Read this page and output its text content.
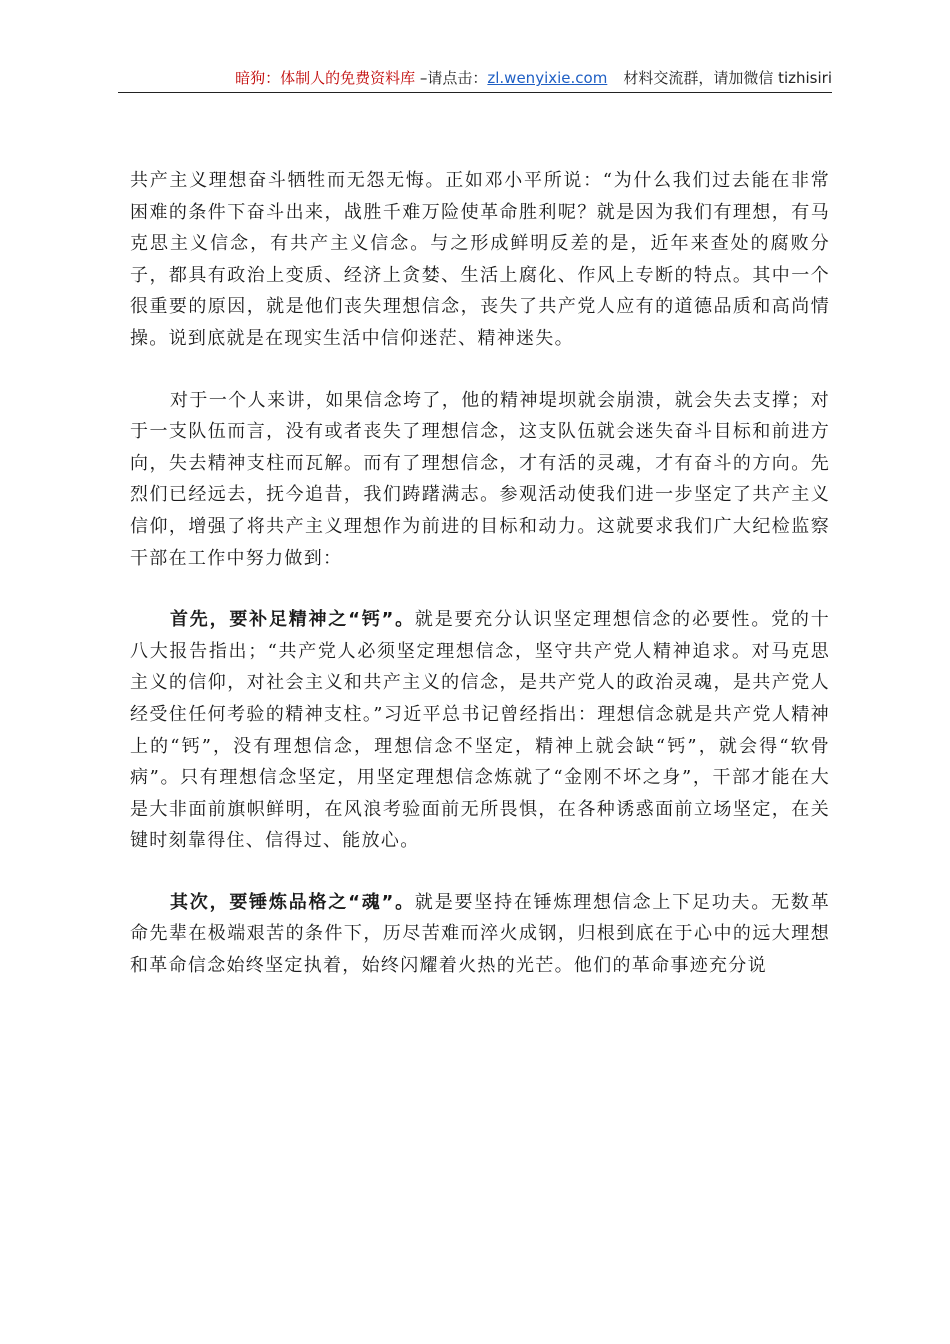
暗狗：体制人的免费资料库 –请点击：zl.wenyixie.com 材料交流群，请加微信 tizhisiri

共产主义理想奋斗牺牲而无怨无悔。正如邓小平所说：“为什么我们过去能在非常困难的条件下奋斗出来，战胜千难万险使革命胜利呢？就是因为我们有理想，有马克思主义信念，有共产主义信念。与之形成鲜明反差的是，近年来查处的腐败分子，都具有政治上变质、经济上贪婪、生活上腐化、作风上专断的特点。其中一个很重要的原因，就是他们丧失理想信念，丧失了共产党人应有的道德品质和高尚情操。说到底就是在现实生活中信仰迷茫、精神迷失。

对于一个人来讲，如果信念垮了，他的精神堤坝就会崩溃，就会失去支撑；对于一支队伍而言，没有或者丧失了理想信念，这支队伍就会迷失奋斗目标和前进方向，失去精神支柱而瓦解。而有了理想信念，才有活的灵魂，才有奋斗的方向。先烈们已经远去，抚今追昔，我们踌躇满志。参观活动使我们进一步坚定了共产主义信仰，增强了将共产主义理想作为前进的目标和动力。这就要求我们广大纪检监察干部在工作中努力做到：

首先，要补足精神之“钙”。就是要充分认识坚定理想信念的必要性。党的十八大报告指出；“共产党人必须坚定理想信念，坚守共产党人精神追求。对马克思主义的信仰，对社会主义和共产主义的信念，是共产党人的政治灵魂，是共产党人经受住任何考验的精神支柱。”习近平总书记曾经指出：理想信念就是共产党人精神上的“钙”，没有理想信念，理想信念不坚定，精神上就会缺“钙”，就会得“软骨病”。只有理想信念坚定，用坚定理想信念炼就了“金刚不坏之身”，干部才能在大是大非面前旗帜鲜明，在风浪考验面前无所畏惧，在各种诱惑面前立场坚定，在关键时刻靠得住、信得过、能放心。

其次，要锤炼品格之“魂”。就是要坚持在锤炼理想信念上下足功夫。无数革命先辈在极端艰苦的条件下，历尽苦难而淬火成钢，归根到底在于心中的远大理想和革命信念始终坚定执着，始终闪耀着火热的光芒。他们的革命事迹充分说
